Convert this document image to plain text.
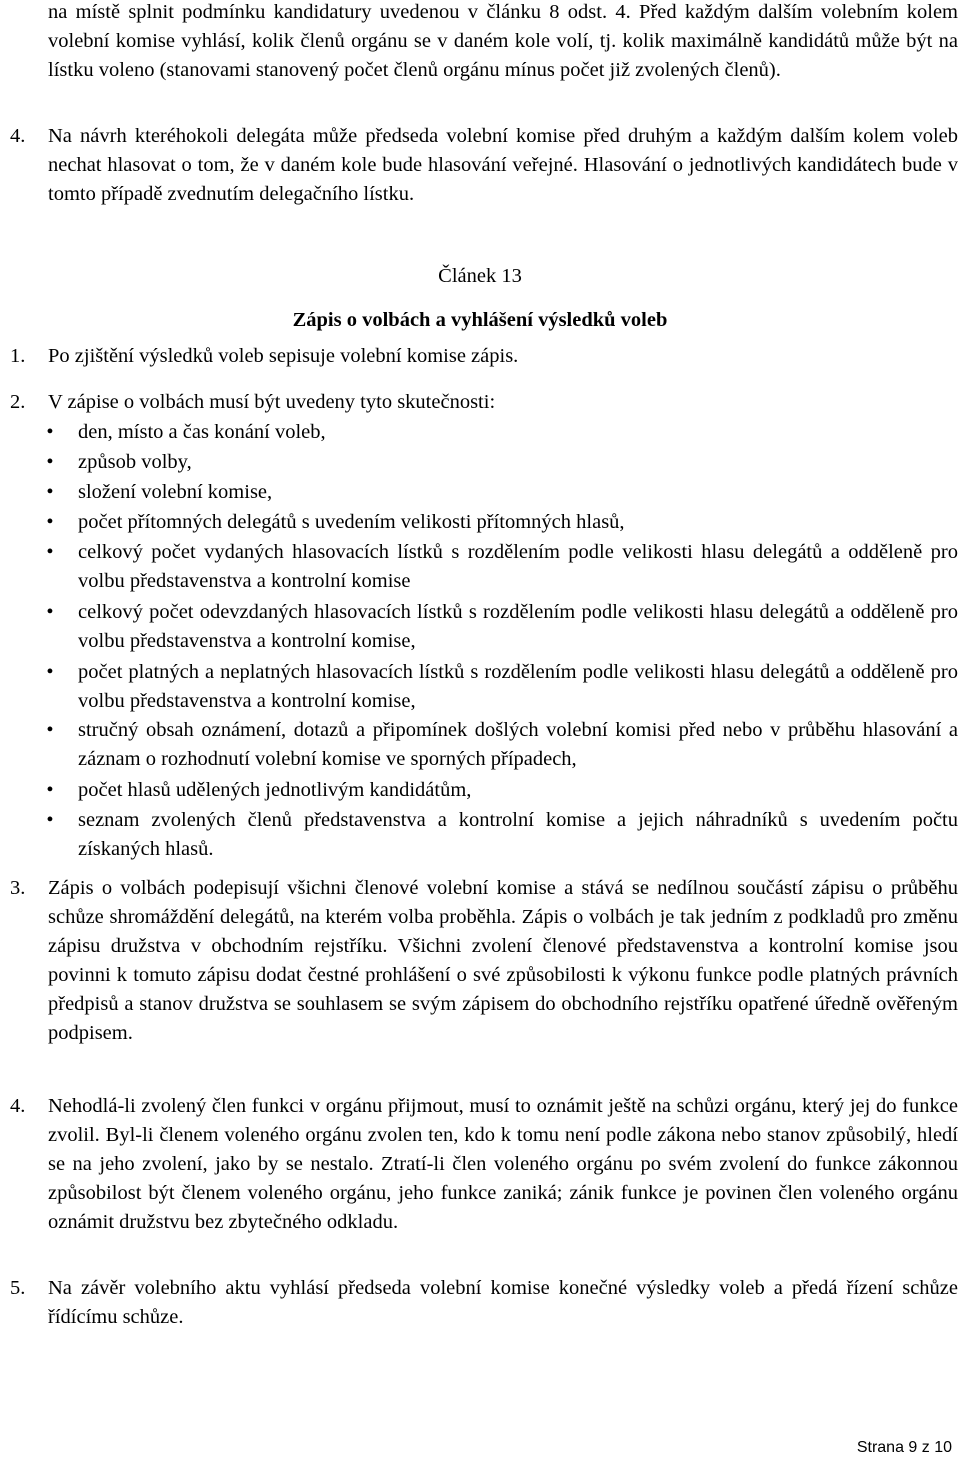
na místě splnit podmínku kandidatury uvedenou v článku 8 odst. 4. Před každým dalším volebním kolem volební komise vyhlásí, kolik členů orgánu se v daném kole volí, tj. kolik maximálně kandidátů může být na lístku voleno (stanovami stanovený počet členů orgánu mínus počet již zvolených členů).

4.	Na návrh kteréhokoli delegáta může předseda volební komise před druhým a každým dalším kolem voleb nechat hlasovat o tom, že v daném kole bude hlasování veřejné. Hlasování o jednotlivých kandidátech bude v tomto případě zvednutím delegačního lístku.

Článek 13
Zápis o volbách a vyhlášení výsledků voleb
1.	Po zjištění výsledků voleb sepisuje volební komise zápis.

2.	V zápise o volbách musí být uvedeny tyto skutečnosti:

•	den, místo a čas konání voleb,
•	způsob volby,
•	složení volební komise,
•	počet přítomných delegátů s uvedením velikosti přítomných hlasů,
•	celkový počet vydaných hlasovacích lístků s rozdělením podle velikosti hlasu delegátů a odděleně pro volbu představenstva a kontrolní komise
•	celkový počet odevzdaných hlasovacích lístků s rozdělením podle velikosti hlasu delegátů a odděleně pro volbu představenstva a kontrolní komise,
•	počet platných a neplatných hlasovacích lístků s rozdělením podle velikosti hlasu delegátů a odděleně pro volbu představenstva a kontrolní komise,
•	stručný obsah oznámení, dotazů a připomínek došlých volební komisi před nebo v průběhu hlasování a záznam o rozhodnutí volební komise ve sporných případech,
•	počet hlasů udělených jednotlivým kandidátům,
•	seznam zvolených členů představenstva a kontrolní komise a jejich náhradníků s uvedením počtu získaných hlasů.
3.	Zápis o volbách podepisují všichni členové volební komise a stává se nedílnou součástí zápisu o průběhu schůze shromáždění delegátů, na kterém volba proběhla. Zápis o volbách je tak jedním z podkladů pro změnu zápisu družstva v obchodním rejstříku. Všichni zvolení členové představenstva a kontrolní komise jsou povinni k tomuto zápisu dodat čestné prohlášení o své způsobilosti k výkonu funkce podle platných právních předpisů a stanov družstva se souhlasem se svým zápisem do obchodního rejstříku opatřené úředně ověřeným podpisem.

4.	Nehodlá-li zvolený člen funkci v orgánu přijmout, musí to oznámit ještě na schůzi orgánu, který jej do funkce zvolil. Byl-li členem voleného orgánu zvolen ten, kdo k tomu není podle zákona nebo stanov způsobilý, hledí se na jeho zvolení, jako by se nestalo. Ztratí-li člen voleného orgánu po svém zvolení do funkce zákonnou způsobilost být členem voleného orgánu, jeho funkce zaniká; zánik funkce je povinen člen voleného orgánu oznámit družstvu bez zbytečného odkladu.

5.	Na závěr volebního aktu vyhlásí předseda volební komise konečné výsledky voleb a předá řízení schůze řídícímu schůze.

Strana 9 z 10
